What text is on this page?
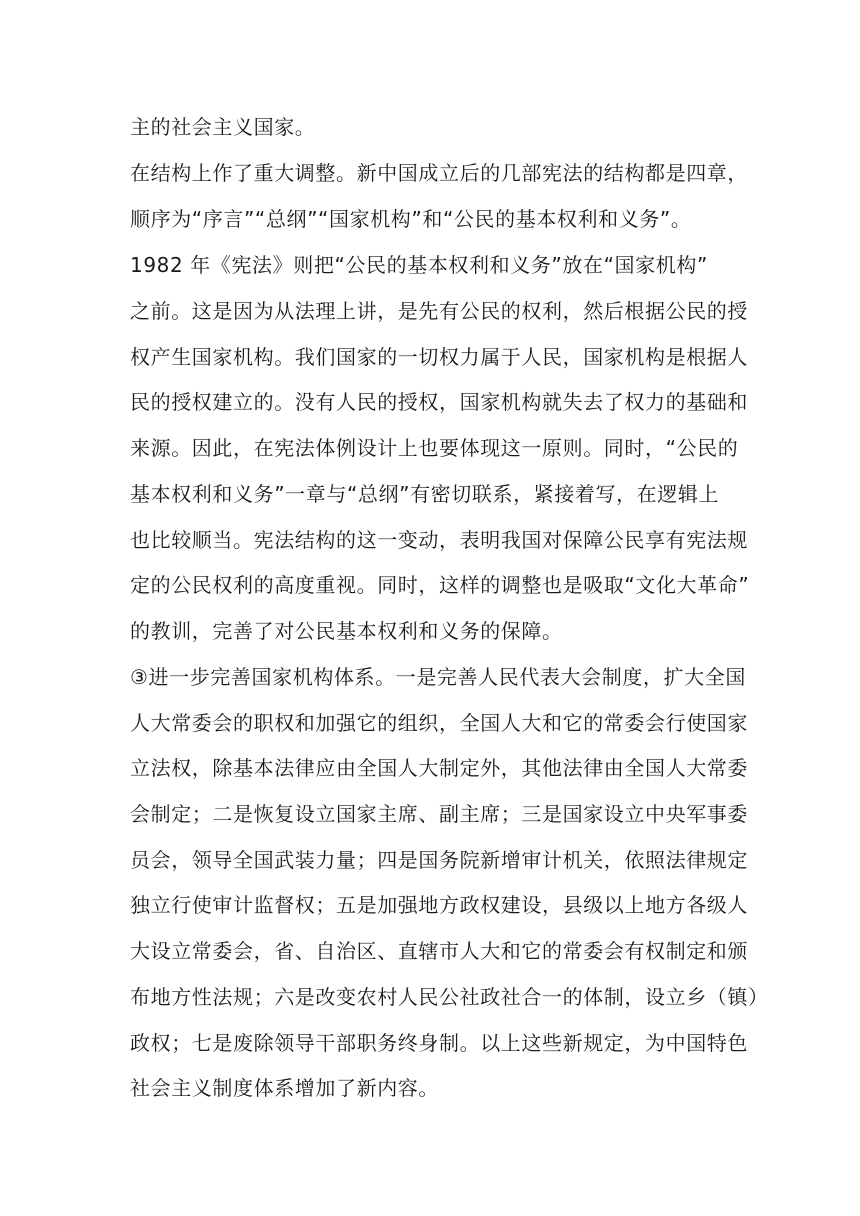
主的社会主义国家。
在结构上作了重大调整。新中国成立后的几部宪法的结构都是四章，
顺序为“序言”“总纲”“国家机构”和“公民的基本权利和义务”。
1982 年《宪法》则把“公民的基本权利和义务”放在“国家机构”
之前。这是因为从法理上讲，是先有公民的权利，然后根据公民的授
权产生国家机构。我们国家的一切权力属于人民，国家机构是根据人
民的授权建立的。没有人民的授权，国家机构就失去了权力的基础和
来源。因此，在宪法体例设计上也要体现这一原则。同时，“公民的
基本权利和义务”一章与“总纲”有密切联系，紧接着写，在逻辑上
也比较顺当。宪法结构的这一变动，表明我国对保障公民享有宪法规
定的公民权利的高度重视。同时，这样的调整也是吸取“文化大革命”
的教训，完善了对公民基本权利和义务的保障。
③进一步完善国家机构体系。一是完善人民代表大会制度，扩大全国
人大常委会的职权和加强它的组织，全国人大和它的常委会行使国家
立法权，除基本法律应由全国人大制定外，其他法律由全国人大常委
会制定；二是恢复设立国家主席、副主席；三是国家设立中央军事委
员会，领导全国武装力量；四是国务院新增审计机关，依照法律规定
独立行使审计监督权；五是加强地方政权建设，县级以上地方各级人
大设立常委会，省、自治区、直辖市人大和它的常委会有权制定和颁
布地方性法规；六是改变农村人民公社政社合一的体制，设立乡（镇）
政权；七是废除领导干部职务终身制。以上这些新规定，为中国特色
社会主义制度体系增加了新内容。
